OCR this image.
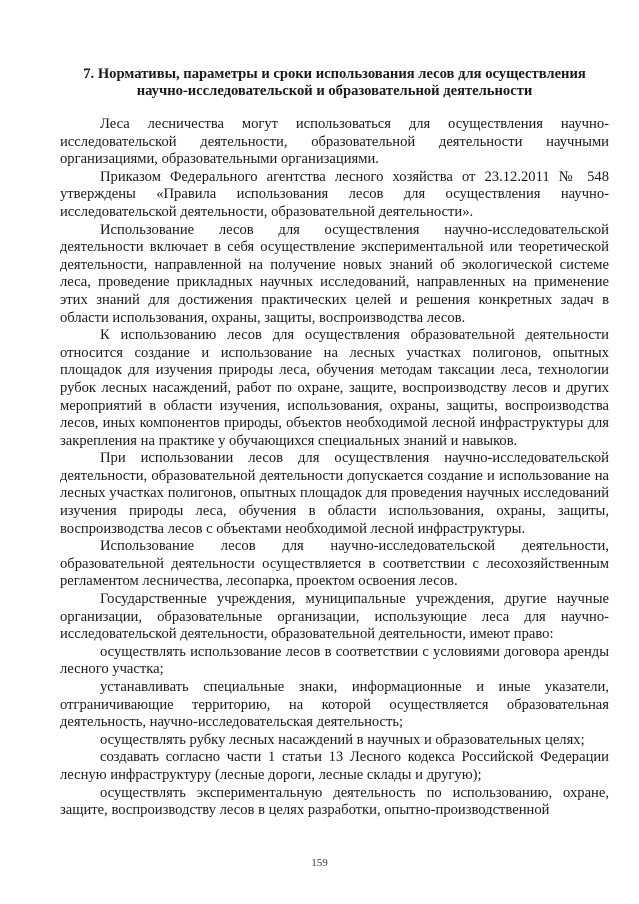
7. Нормативы, параметры и сроки использования лесов для осуществления научно-исследовательской и образовательной деятельности

Леса лесничества могут использоваться для осуществления научно-исследовательской деятельности, образовательной деятельности научными организациями, образовательными организациями.

Приказом Федерального агентства лесного хозяйства от 23.12.2011 № 548 утверждены «Правила использования лесов для осуществления научно-исследовательской деятельности, образовательной деятельности».

Использование лесов для осуществления научно-исследовательской деятельности включает в себя осуществление экспериментальной или теоретической деятельности, направленной на получение новых знаний об экологической системе леса, проведение прикладных научных исследований, направленных на применение этих знаний для достижения практических целей и решения конкретных задач в области использования, охраны, защиты, воспроизводства лесов.

К использованию лесов для осуществления образовательной деятельности относится создание и использование на лесных участках полигонов, опытных площадок для изучения природы леса, обучения методам таксации леса, технологии рубок лесных насаждений, работ по охране, защите, воспроизводству лесов и других мероприятий в области изучения, использования, охраны, защиты, воспроизводства лесов, иных компонентов природы, объектов необходимой лесной инфраструктуры для закрепления на практике у обучающихся специальных знаний и навыков.

При использовании лесов для осуществления научно-исследовательской деятельности, образовательной деятельности допускается создание и использование на лесных участках полигонов, опытных площадок для проведения научных исследований изучения природы леса, обучения в области использования, охраны, защиты, воспроизводства лесов с объектами необходимой лесной инфраструктуры.

Использование лесов для научно-исследовательской деятельности, образовательной деятельности осуществляется в соответствии с лесохозяйственным регламентом лесничества, лесопарка, проектом освоения лесов.

Государственные учреждения, муниципальные учреждения, другие научные организации, образовательные организации, использующие леса для научно-исследовательской деятельности, образовательной деятельности, имеют право:

осуществлять использование лесов в соответствии с условиями договора аренды лесного участка;

устанавливать специальные знаки, информационные и иные указатели, отграничивающие территорию, на которой осуществляется образовательная деятельность, научно-исследовательская деятельность;

осуществлять рубку лесных насаждений в научных и образовательных целях;

создавать согласно части 1 статьи 13 Лесного кодекса Российской Федерации лесную инфраструктуру (лесные дороги, лесные склады и другую);

осуществлять экспериментальную деятельность по использованию, охране, защите, воспроизводству лесов в целях разработки, опытно-производственной

159
